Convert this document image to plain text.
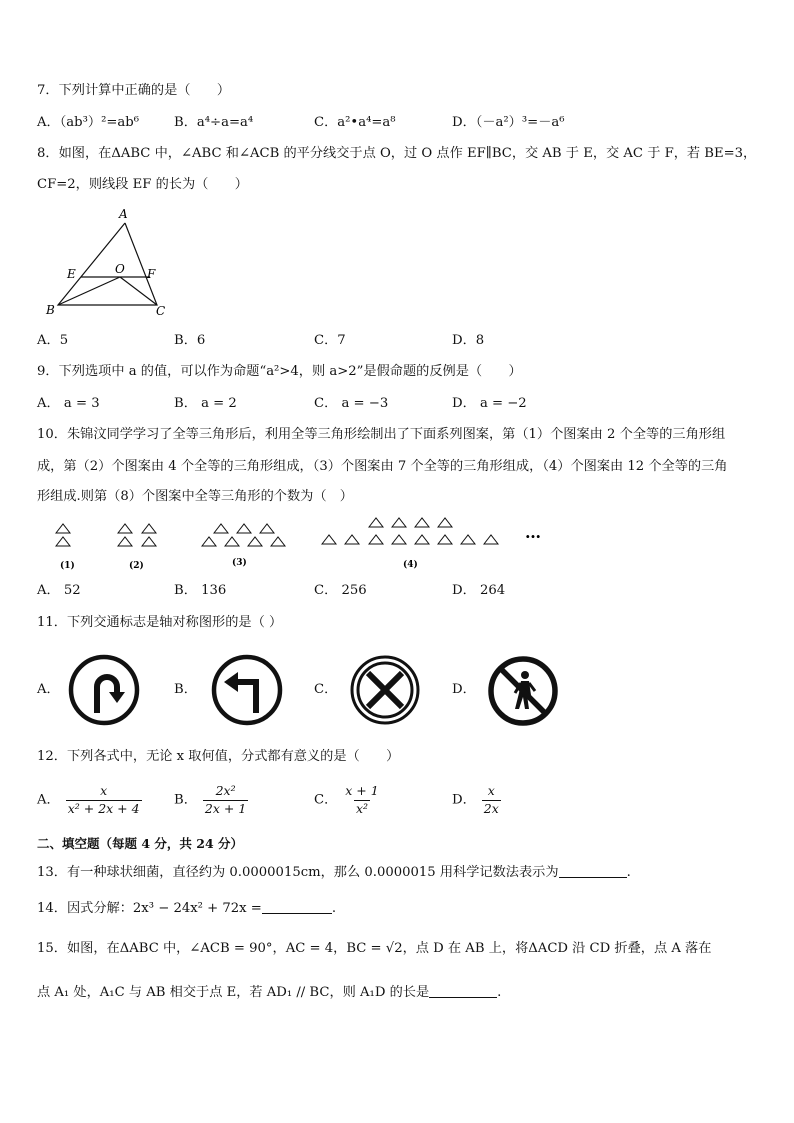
7．下列计算中正确的是（　　）
A．（ab³）²=ab⁶	B．a⁴÷a=a⁴	C．a²•a⁴=a⁸	D．（－a²）³=－a⁶
8．如图，在ΔABC 中，∠ABC 和∠ACB 的平分线交于点 O，过 O 点作 EF∥BC，交 AB 于 E，交 AC 于 F，若 BE=3，
CF=2，则线段 EF 的长为（　　）
A
E	O F
B	C
A．5	B．6	C．7	D．8
9．下列选项中 a 的值，可以作为命题“a²>4，则 a>2”是假命题的反例是（　　）
A． a = 3	B． a = 2	C． a = −3	D． a = −2
10．朱锦汶同学学习了全等三角形后，利用全等三角形绘制出了下面系列图案，第（1）个图案由 2 个全等的三角形组
成，第（2）个图案由 4 个全等的三角形组成，（3）个图案由 7 个全等的三角形组成，（4）个图案由 12 个全等的三角
形组成.则第（8）个图案中全等三角形的个数为（　）
(1)	(2)	(3)	(4)
…
A． 52	B． 136	C． 256	D． 264
11．下列交通标志是轴对称图形的是（ ）
A．	B．	C．	D．
12．下列各式中，无论 x 取何值，分式都有意义的是（　　）
A． $\frac{x}{\text{x² + 2x + 4}}$ B． $\frac{\text{2x²}}{2x + 1}$	C． $\frac{x + 1}{\text{x²}}$	D． $\frac{x}{2x}$
二、填空题（每题 4 分，共 24 分）
13．有一种球状细菌，直径约为 0.0000015cm，那么 0.0000015 用科学记数法表示为	.
14．因式分解：2x³ − 24x² + 72x =	.
15．如图，在ΔABC 中，∠ACB = 90°，AC = 4，BC = √2，点 D 在 AB 上，将ΔACD 沿 CD 折叠，点 A 落在
点 A₁ 处，A₁C 与 AB 相交于点 E，若 AD₁ // BC，则 A₁D 的长是	.
